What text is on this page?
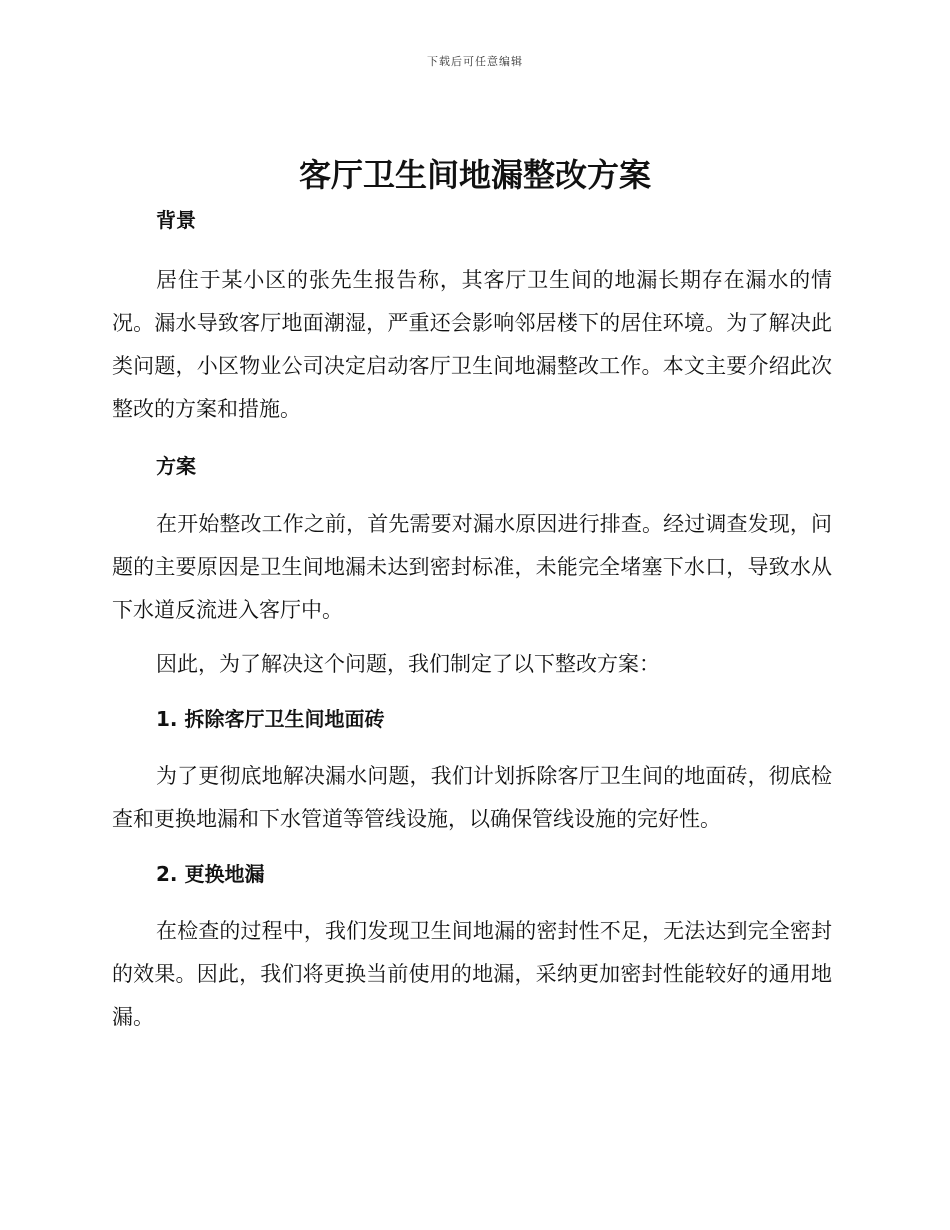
下载后可任意编辑
客厅卫生间地漏整改方案
背景

居住于某小区的张先生报告称，其客厅卫生间的地漏长期存在漏水的情况。漏水导致客厅地面潮湿，严重还会影响邻居楼下的居住环境。为了解决此类问题，小区物业公司决定启动客厅卫生间地漏整改工作。本文主要介绍此次整改的方案和措施。

方案

在开始整改工作之前，首先需要对漏水原因进行排查。经过调查发现，问题的主要原因是卫生间地漏未达到密封标准，未能完全堵塞下水口，导致水从下水道反流进入客厅中。

因此，为了解决这个问题，我们制定了以下整改方案：

1. 拆除客厅卫生间地面砖

为了更彻底地解决漏水问题，我们计划拆除客厅卫生间的地面砖，彻底检查和更换地漏和下水管道等管线设施，以确保管线设施的完好性。

2. 更换地漏

在检查的过程中，我们发现卫生间地漏的密封性不足，无法达到完全密封的效果。因此，我们将更换当前使用的地漏，采纳更加密封性能较好的通用地漏。
